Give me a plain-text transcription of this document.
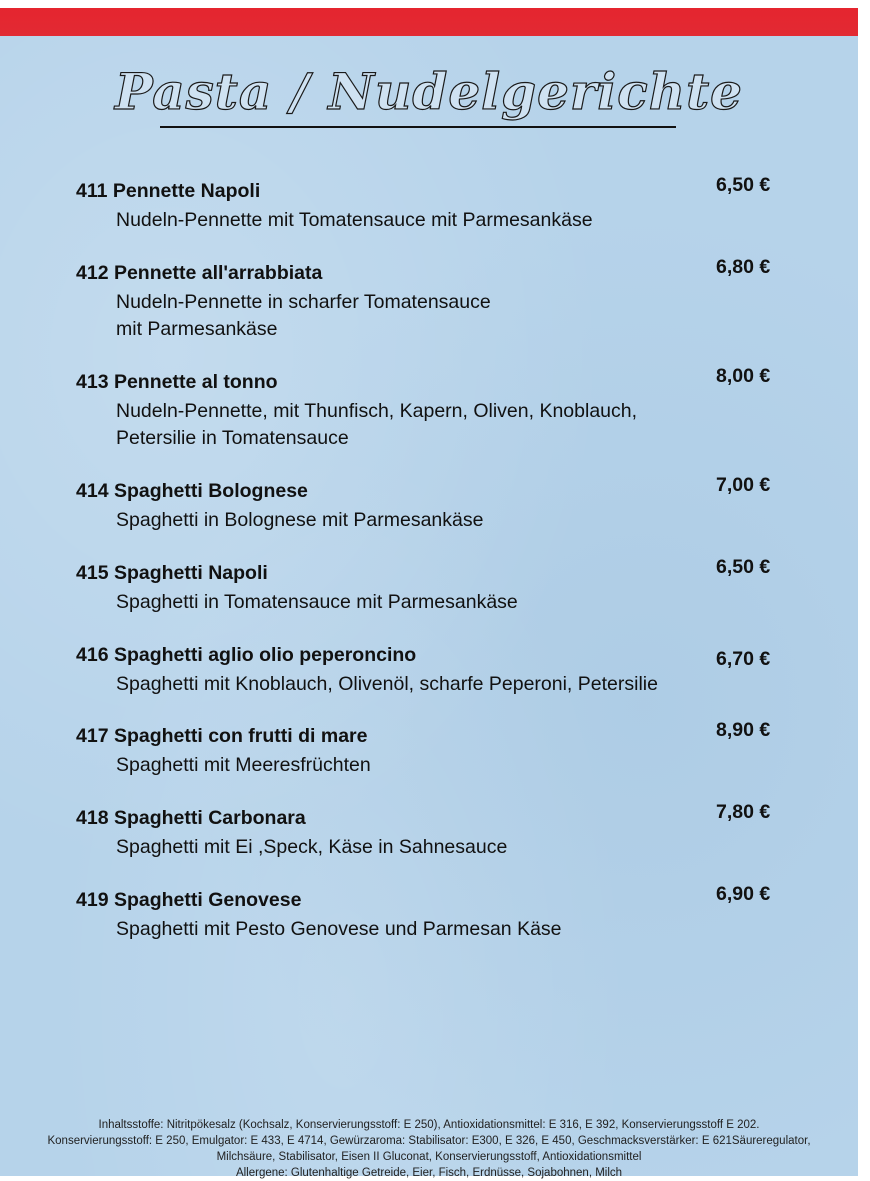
Pasta / Nudelgerichte
411 Pennette Napoli	6,50 €
Nudeln-Pennette mit Tomatensauce mit Parmesankäse
412 Pennette all'arrabbiata	6,80 €
Nudeln-Pennette in scharfer Tomatensauce
mit Parmesankäse
413 Pennette al tonno	8,00 €
Nudeln-Pennette, mit Thunfisch, Kapern, Oliven, Knoblauch,
Petersilie in Tomatensauce
414 Spaghetti Bolognese	7,00 €
Spaghetti in Bolognese mit Parmesankäse
415 Spaghetti Napoli	6,50 €
Spaghetti in Tomatensauce mit Parmesankäse
416 Spaghetti aglio olio peperoncino	6,70 €
Spaghetti mit Knoblauch, Olivenöl, scharfe Peperoni, Petersilie
417 Spaghetti con frutti di mare	8,90 €
Spaghetti mit Meeresfrüchten
418 Spaghetti Carbonara	7,80 €
Spaghetti mit Ei ,Speck, Käse in Sahnesauce
419 Spaghetti Genovese	6,90 €
Spaghetti mit Pesto Genovese und Parmesan Käse
Inhaltsstoffe: Nitritpökesalz (Kochsalz, Konservierungsstoff: E 250), Antioxidationsmittel: E 316, E 392, Konservierungsstoff E 202.
Konservierungsstoff: E 250, Emulgator: E 433, E 4714, Gewürzaroma: Stabilisator: E300, E 326, E 450, Geschmacksverstärker: E 621Säureregulator,
Milchsäure, Stabilisator, Eisen II Gluconat, Konservierungsstoff, Antioxidationsmittel
Allergene: Glutenhaltige Getreide, Eier, Fisch, Erdnüsse, Sojabohnen, Milch
